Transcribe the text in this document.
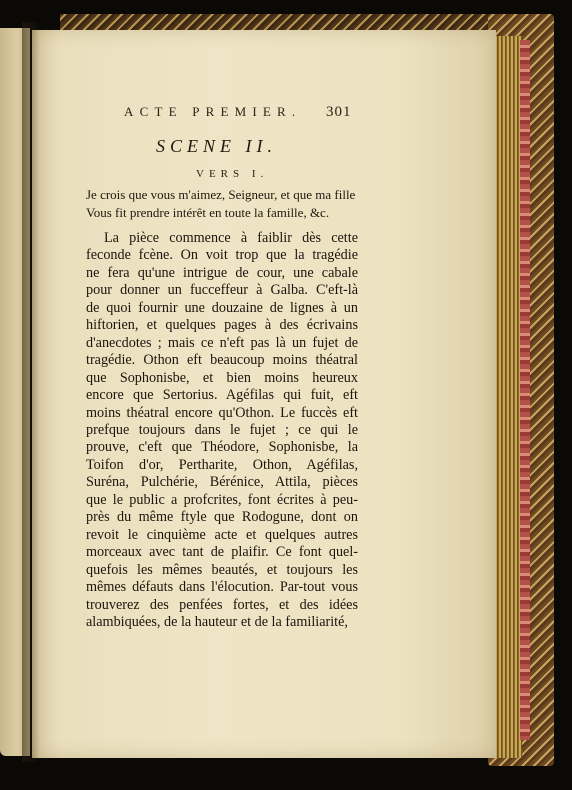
ACTE PREMIER.	301
SCENE II.
VERS I.
Je crois que vous m'aimez, Seigneur, et que ma fille
Vous fit prendre intérêt en toute la famille, &c.
La pièce commence à faiblir dès cette
feconde fcène. On voit trop que la tragédie
ne fera qu'une intrigue de cour, une cabale
pour donner un fucceffeur à Galba. C'eft-là
de quoi fournir une douzaine de lignes à un
hiftorien, et quelques pages à des écrivains
d'anecdotes ; mais ce n'eft pas là un fujet de
tragédie. Othon eft beaucoup moins théatral
que Sophonisbe, et bien moins heureux
encore que Sertorius. Agéfilas qui fuit, eft
moins théatral encore qu'Othon. Le fuccès eft
prefque toujours dans le fujet ; ce qui le
prouve, c'eft que Théodore, Sophonisbe, la
Toifon d'or, Pertharite, Othon, Agéfilas,
Suréna, Pulchérie, Bérénice, Attila, pièces
que le public a profcrites, font écrites à peu-
près du même ftyle que Rodogune, dont on
revoit le cinquième acte et quelques autres
morceaux avec tant de plaifir. Ce font quel-
quefois les mêmes beautés, et toujours les
mêmes défauts dans l'élocution. Par-tout vous
trouverez des penfées fortes, et des idées
alambiquées, de la hauteur et de la familiarité,
